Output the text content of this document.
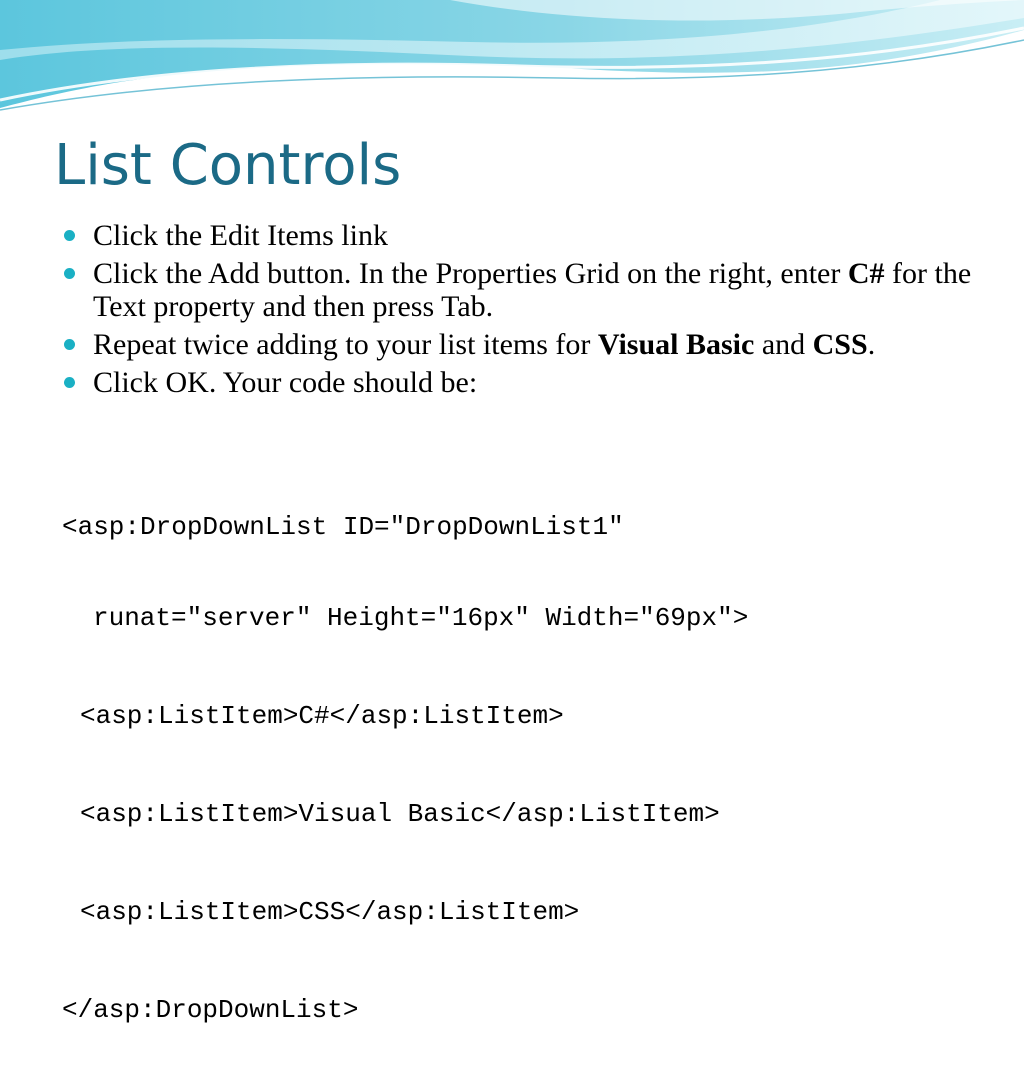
List Controls
Click the Edit Items link
Click the Add button. In the Properties Grid on the right, enter C# for the Text property and then press Tab.
Repeat twice adding to your list items for Visual Basic and CSS.
Click OK. Your code should be:

<asp:DropDownList ID="DropDownList1"

runat="server" Height="16px" Width="69px">

<asp:ListItem>C#</asp:ListItem>

<asp:ListItem>Visual Basic</asp:ListItem>

<asp:ListItem>CSS</asp:ListItem>

</asp:DropDownList>
